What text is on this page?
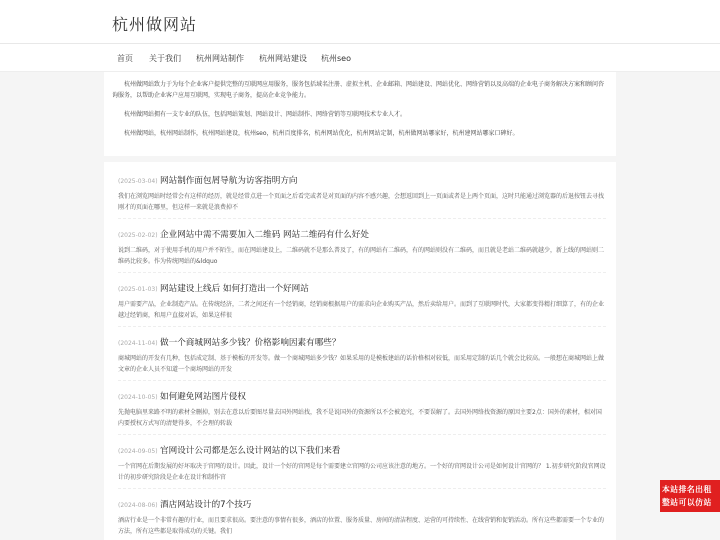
杭州做网站
首页 关于我们 杭州网站制作 杭州网站建设 杭州seo

杭州做网站致力于为每个企业客户提供完整的互联网应用服务，服务包括域名注册、虚拟主机、企业邮箱、网站建设、网站优化、网络营销以及高端的企业电子商务解决方案和顾问咨询服务，以帮助企业客户应用互联网，实现电子商务，提高企业竞争能力。

杭州做网站拥有一支专业的队伍，包括网站策划、网站设计、网站制作、网络营销等互联网技术专业人才。

杭州做网站，杭州网站制作，杭州网站建设，杭州seo，杭州百度排名，杭州网站优化，杭州网站定制，杭州做网站哪家好，杭州建网站哪家口碑好。

(2025-03-04) 网站制作面包屑导航为访客指明方向
我们在浏览网站时经常会有这样的经历，就是经常点进一个页面之后看完或者是对页面的内容不感兴趣，会想返回到上一页面或者是上两个页面，这时只能通过浏览器的后退按钮去寻找刚才的页面在哪里，但这样一来就是浪费掉不
(2025-02-02) 企业网站中需不需要加入二维码 网站二维码有什么好处
说到二维码，对于使用手机的用户并不陌生，而在网站建设上，二维码就不是那么普及了，有的网站有二维码，有的网站则没有二维码，而且就是老站二维码就越少，新上线的网站则二维码比较多。作为传统网站的&ldquo
(2025-01-03) 网站建设上线后 如何打造出一个好网站
用户需要产品，企业制造产品。在传统经济，二者之间还有一个经销商，经销商根据用户的需求向企业购买产品，然后卖给用户。而到了互联网时代，大家都变得精打细算了，有的企业越过经销商，和用户直接对话，如果这样很
(2024-11-04) 做一个商城网站多少钱？价格影响因素有哪些？
商城网站的开发有几种，包括成定制、基于模板的开发等。做一个商城网站多少钱？如果采用的是模板建站的话价格相对较低，而采用定制的话几个就会比较高。一般想在商城网站上做文章的企业人员不知道一个商场网站的开发
(2024-10-05) 如何避免网站图片侵权
先抛电脑里来路不明的素材全删掉，别去在意以后要图尽量去国外网站找，我不是说国外的资源所以不会被追究，不要误解了。去国外网络找资源的原因主要2点：国外的素材，相对国内要授权方式写的清楚得多，不会理的转载
(2024-09-05) 官网设计公司都是怎么设计网站的以下我们来看
一个官网在后期发展的好坏取决于官网的设计。因此，设计一个好的官网是每个需要建立官网的公司应该注意的地方。一个好的官网设计公司是如何设计官网的？ 1.初步研究阶段官网设计的初步研究阶段是企业在设计和制作官
(2024-08-06) 酒店网站设计的7个技巧
酒店行业是一个非常有趣的行业，而且要求很高。要注意的事情有很多，酒店的位置、服务质量、房间的清洁程度、运营的可持续性、在线营销和促销活动。所有这些都需要一个专业的方法，所有这些都是取得成功的关键。我们
本站排名出租
整站可以仿站
